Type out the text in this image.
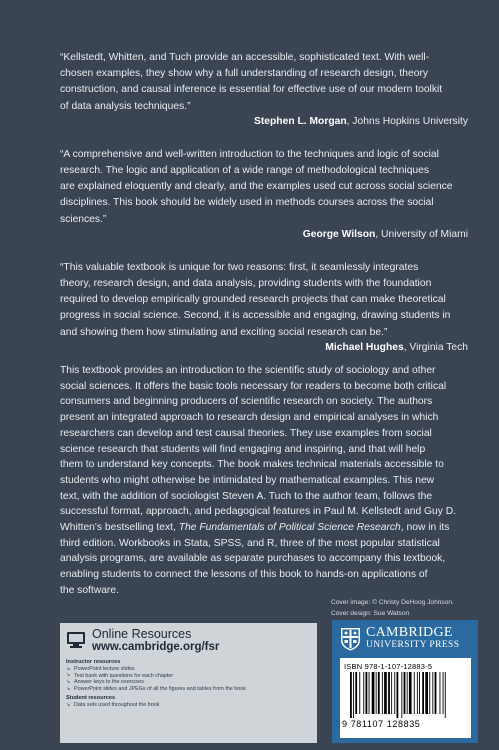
“Kellstedt, Whitten, and Tuch provide an accessible, sophisticated text. With well-
chosen examples, they show why a full understanding of research design, theory
construction, and causal inference is essential for effective use of our modern toolkit
of data analysis techniques.”
Stephen L. Morgan, Johns Hopkins University
“A comprehensive and well-written introduction to the techniques and logic of social
research. The logic and application of a wide range of methodological techniques
are explained eloquently and clearly, and the examples used cut across social science
disciplines. This book should be widely used in methods courses across the social
sciences.”
George Wilson, University of Miami
“This valuable textbook is unique for two reasons: first, it seamlessly integrates
theory, research design, and data analysis, providing students with the foundation
required to develop empirically grounded research projects that can make theoretical
progress in social science. Second, it is accessible and engaging, drawing students in
and showing them how stimulating and exciting social research can be.”
Michael Hughes, Virginia Tech
This textbook provides an introduction to the scientific study of sociology and other
social sciences. It offers the basic tools necessary for readers to become both critical
consumers and beginning producers of scientific research on society. The authors
present an integrated approach to research design and empirical analyses in which
researchers can develop and test causal theories. They use examples from social
science research that students will find engaging and inspiring, and that will help
them to understand key concepts. The book makes technical materials accessible to
students who might otherwise be intimidated by mathematical examples. This new
text, with the addition of sociologist Steven A. Tuch to the author team, follows the
successful format, approach, and pedagogical features in Paul M. Kellstedt and Guy D.
Whitten's bestselling text, The Fundamentals of Political Science Research, now in its
third edition. Workbooks in Stata, SPSS, and R, three of the most popular statistical
analysis programs, are available as separate purchases to accompany this textbook,
enabling students to connect the lessons of this book to hands-on applications of
the software.
Cover image: © Christy DeHoog Johnson.
Cover design: Sue Watson
Online Resources
www.cambridge.org/fsr
Instructor resources
↘ PowerPoint lecture slides
↘ Test bank with questions for each chapter
↘ Answer keys to the exercises
↘ PowerPoint slides and JPEGs of all the figures and tables from the book
Student resources
↘ Data sets used throughout the book
CAMBRIDGE
UNIVERSITY PRESS
ISBN 978-1-107-12883-5
9 781107 128835
